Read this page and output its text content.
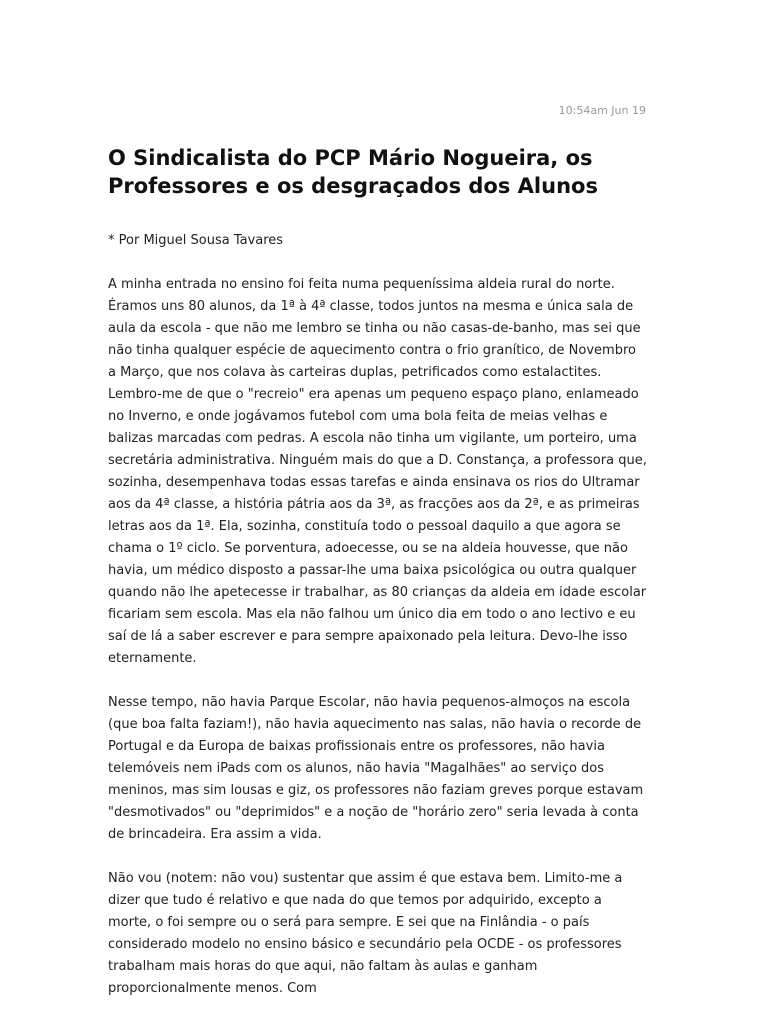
10:54am Jun 19
O Sindicalista do PCP Mário Nogueira, os Professores e os desgraçados dos Alunos

* Por Miguel Sousa Tavares

A minha entrada no ensino foi feita numa pequeníssima aldeia rural do norte. Éramos uns 80 alunos, da 1ª à 4ª classe, todos juntos na mesma e única sala de aula da escola - que não me lembro se tinha ou não casas-de-banho, mas sei que não tinha qualquer espécie de aquecimento contra o frio granítico, de Novembro a Março, que nos colava às carteiras duplas, petrificados como estalactites. Lembro-me de que o "recreio" era apenas um pequeno espaço plano, enlameado no Inverno, e onde jogávamos futebol com uma bola feita de meias velhas e balizas marcadas com pedras. A escola não tinha um vigilante, um porteiro, uma secretária administrativa. Ninguém mais do que a D. Constança, a professora que, sozinha, desempenhava todas essas tarefas e ainda ensinava os rios do Ultramar aos da 4ª classe, a história pátria aos da 3ª, as fracções aos da 2ª, e as primeiras letras aos da 1ª. Ela, sozinha, constituía todo o pessoal daquilo a que agora se chama o 1º ciclo. Se porventura, adoecesse, ou se na aldeia houvesse, que não havia, um médico disposto a passar-lhe uma baixa psicológica ou outra qualquer quando não lhe apetecesse ir trabalhar, as 80 crianças da aldeia em idade escolar ficariam sem escola. Mas ela não falhou um único dia em todo o ano lectivo e eu saí de lá a saber escrever e para sempre apaixonado pela leitura. Devo-lhe isso eternamente.

Nesse tempo, não havia Parque Escolar, não havia pequenos-almoços na escola (que boa falta faziam!), não havia aquecimento nas salas, não havia o recorde de Portugal e da Europa de baixas profissionais entre os professores, não havia telemóveis nem iPads com os alunos, não havia "Magalhães" ao serviço dos meninos, mas sim lousas e giz, os professores não faziam greves porque estavam "desmotivados" ou "deprimidos" e a noção de "horário zero" seria levada à conta de brincadeira. Era assim a vida.

Não vou (notem: não vou) sustentar que assim é que estava bem. Limito-me a dizer que tudo é relativo e que nada do que temos por adquirido, excepto a morte, o foi sempre ou o será para sempre. E sei que na Finlândia - o país considerado modelo no ensino básico e secundário pela OCDE - os professores trabalham mais horas do que aqui, não faltam às aulas e ganham proporcionalmente menos. Com
